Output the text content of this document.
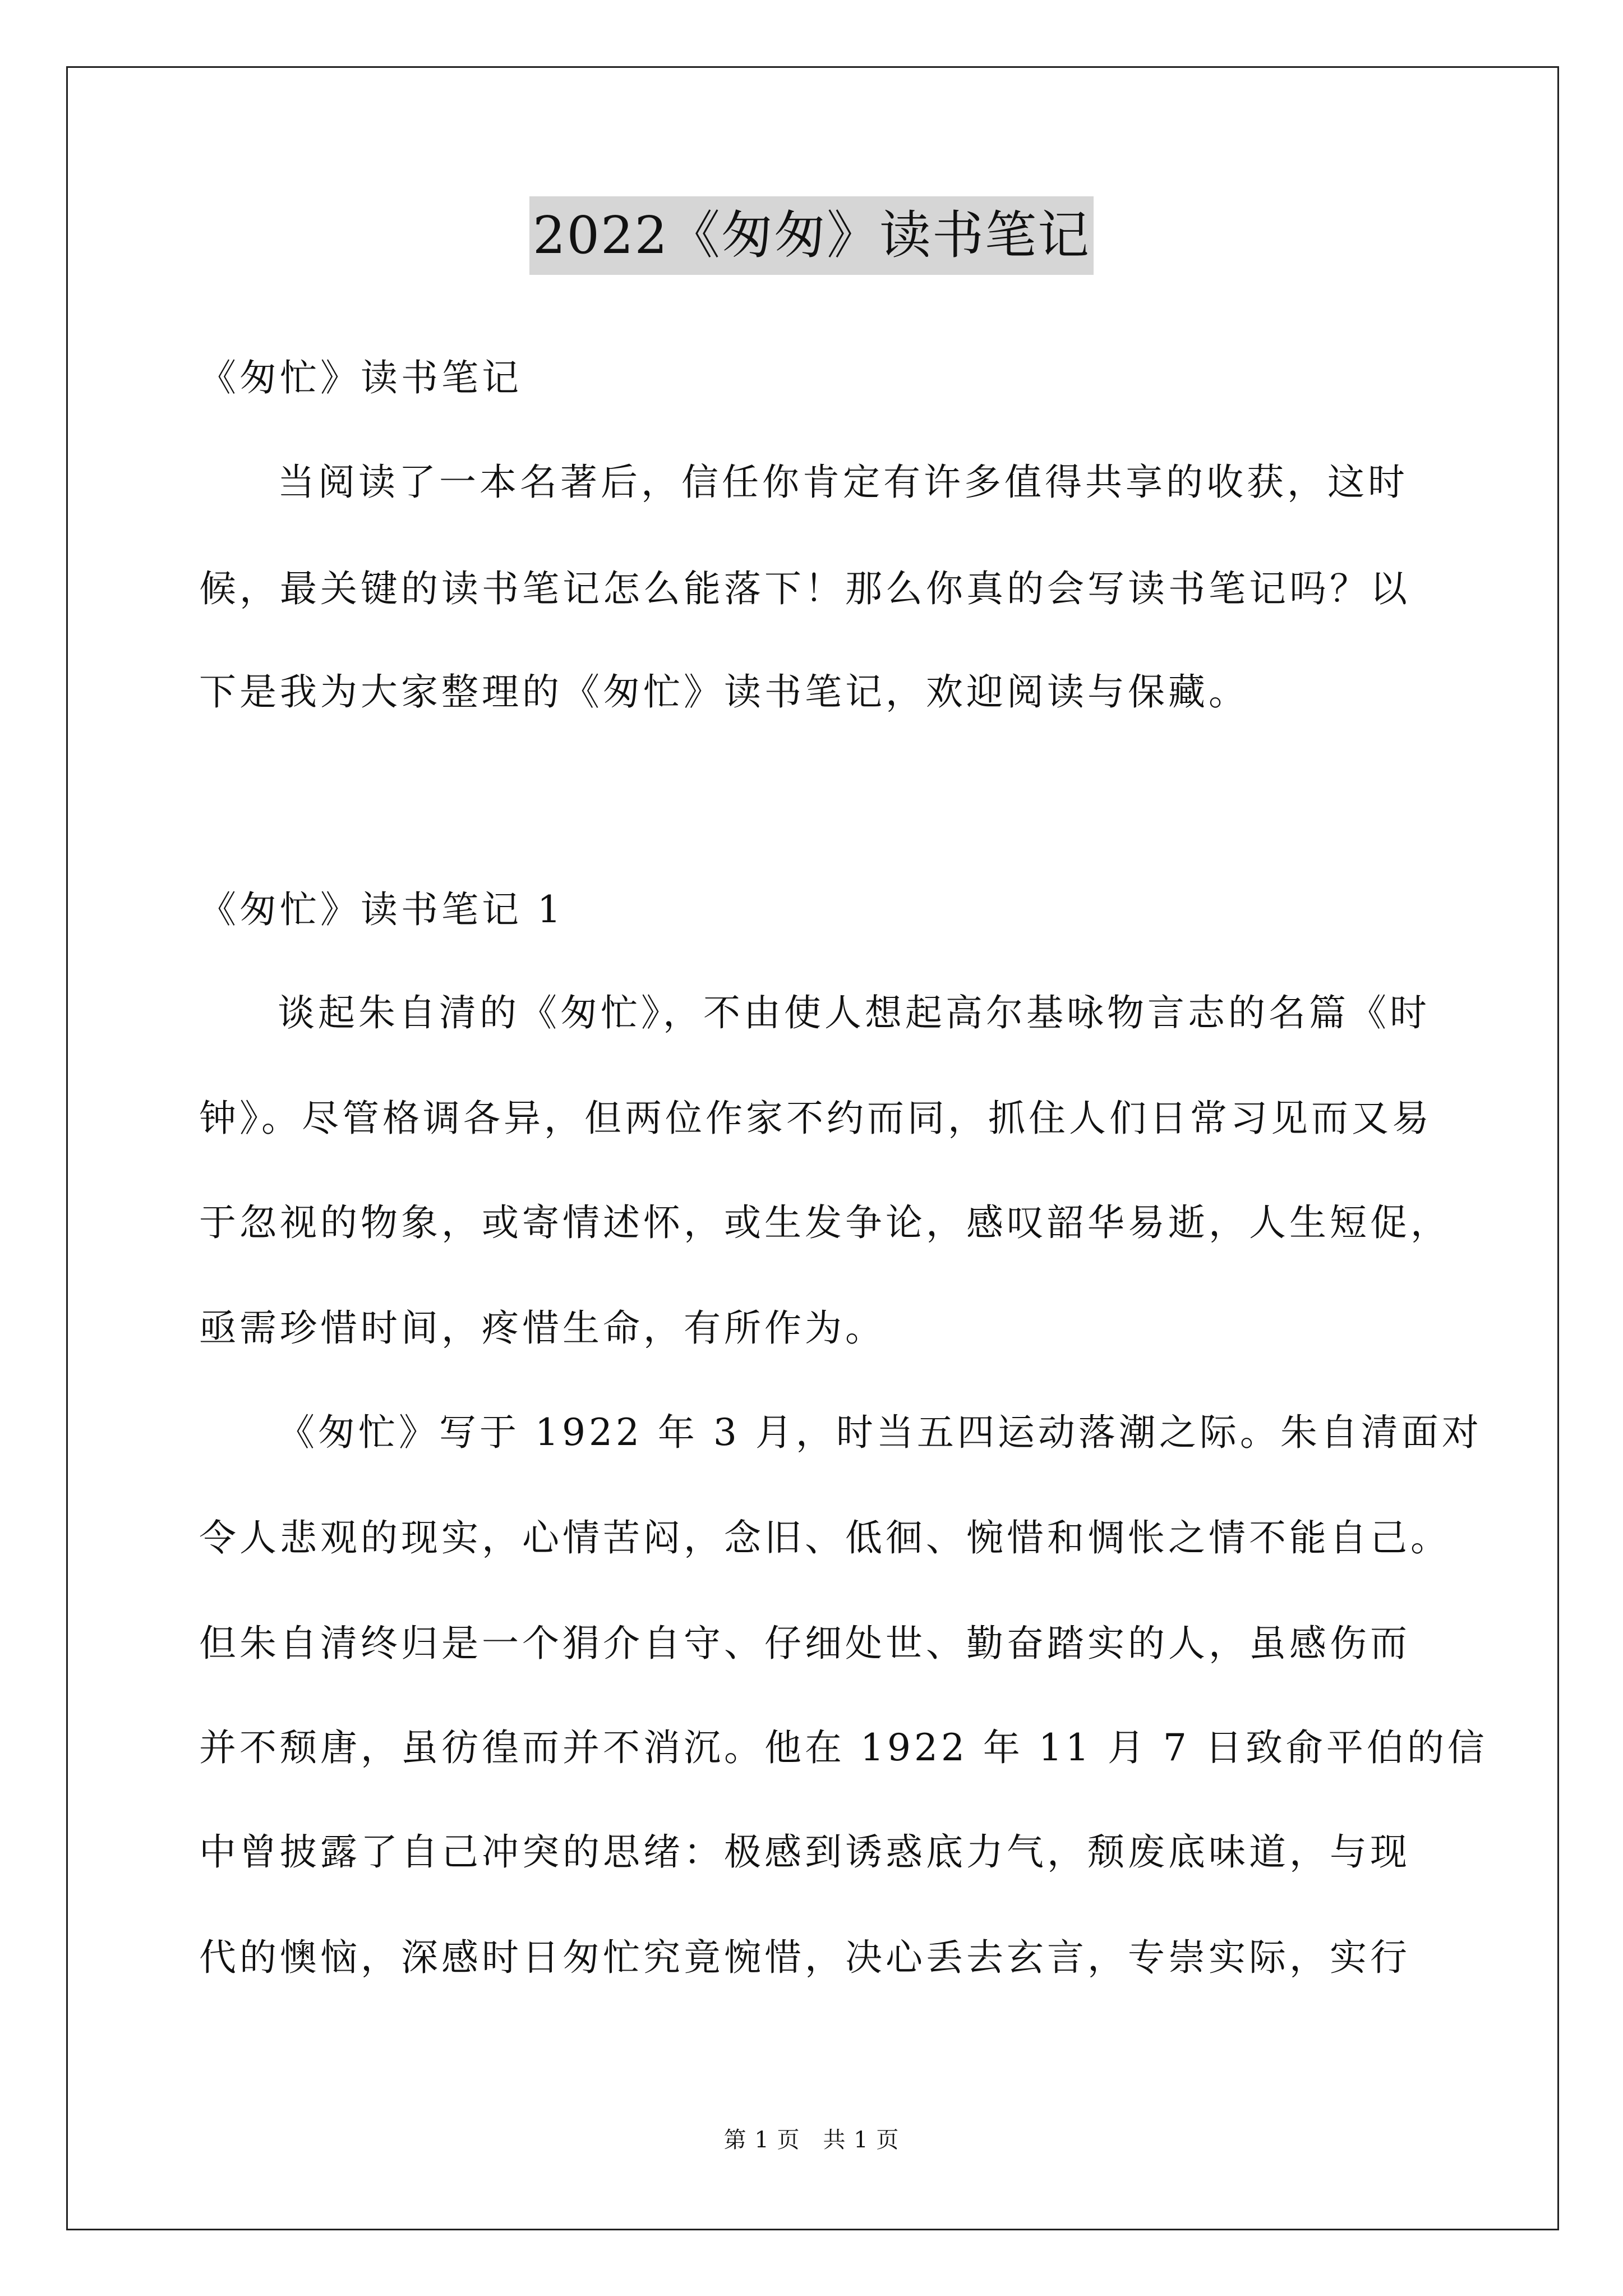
2022《匆匆》读书笔记
《匆忙》读书笔记
当阅读了一本名著后，信任你肯定有许多值得共享的收获，这时
候，最关键的读书笔记怎么能落下！那么你真的会写读书笔记吗？以
下是我为大家整理的《匆忙》读书笔记，欢迎阅读与保藏。
《匆忙》读书笔记 1
谈起朱自清的《匆忙》，不由使人想起高尔基咏物言志的名篇《时
钟》。尽管格调各异，但两位作家不约而同，抓住人们日常习见而又易
于忽视的物象，或寄情述怀，或生发争论，感叹韶华易逝，人生短促，
亟需珍惜时间，疼惜生命，有所作为。
《匆忙》写于 1922 年 3 月，时当五四运动落潮之际。朱自清面对
令人悲观的现实，心情苦闷，念旧、低徊、惋惜和惆怅之情不能自己。
但朱自清终归是一个狷介自守、仔细处世、勤奋踏实的人，虽感伤而
并不颓唐，虽彷徨而并不消沉。他在 1922 年 11 月 7 日致俞平伯的信
中曾披露了自己冲突的思绪：极感到诱惑底力气，颓废底味道，与现
代的懊恼，深感时日匆忙究竟惋惜，决心丢去玄言，专崇实际，实行
第 1 页　共 1 页
